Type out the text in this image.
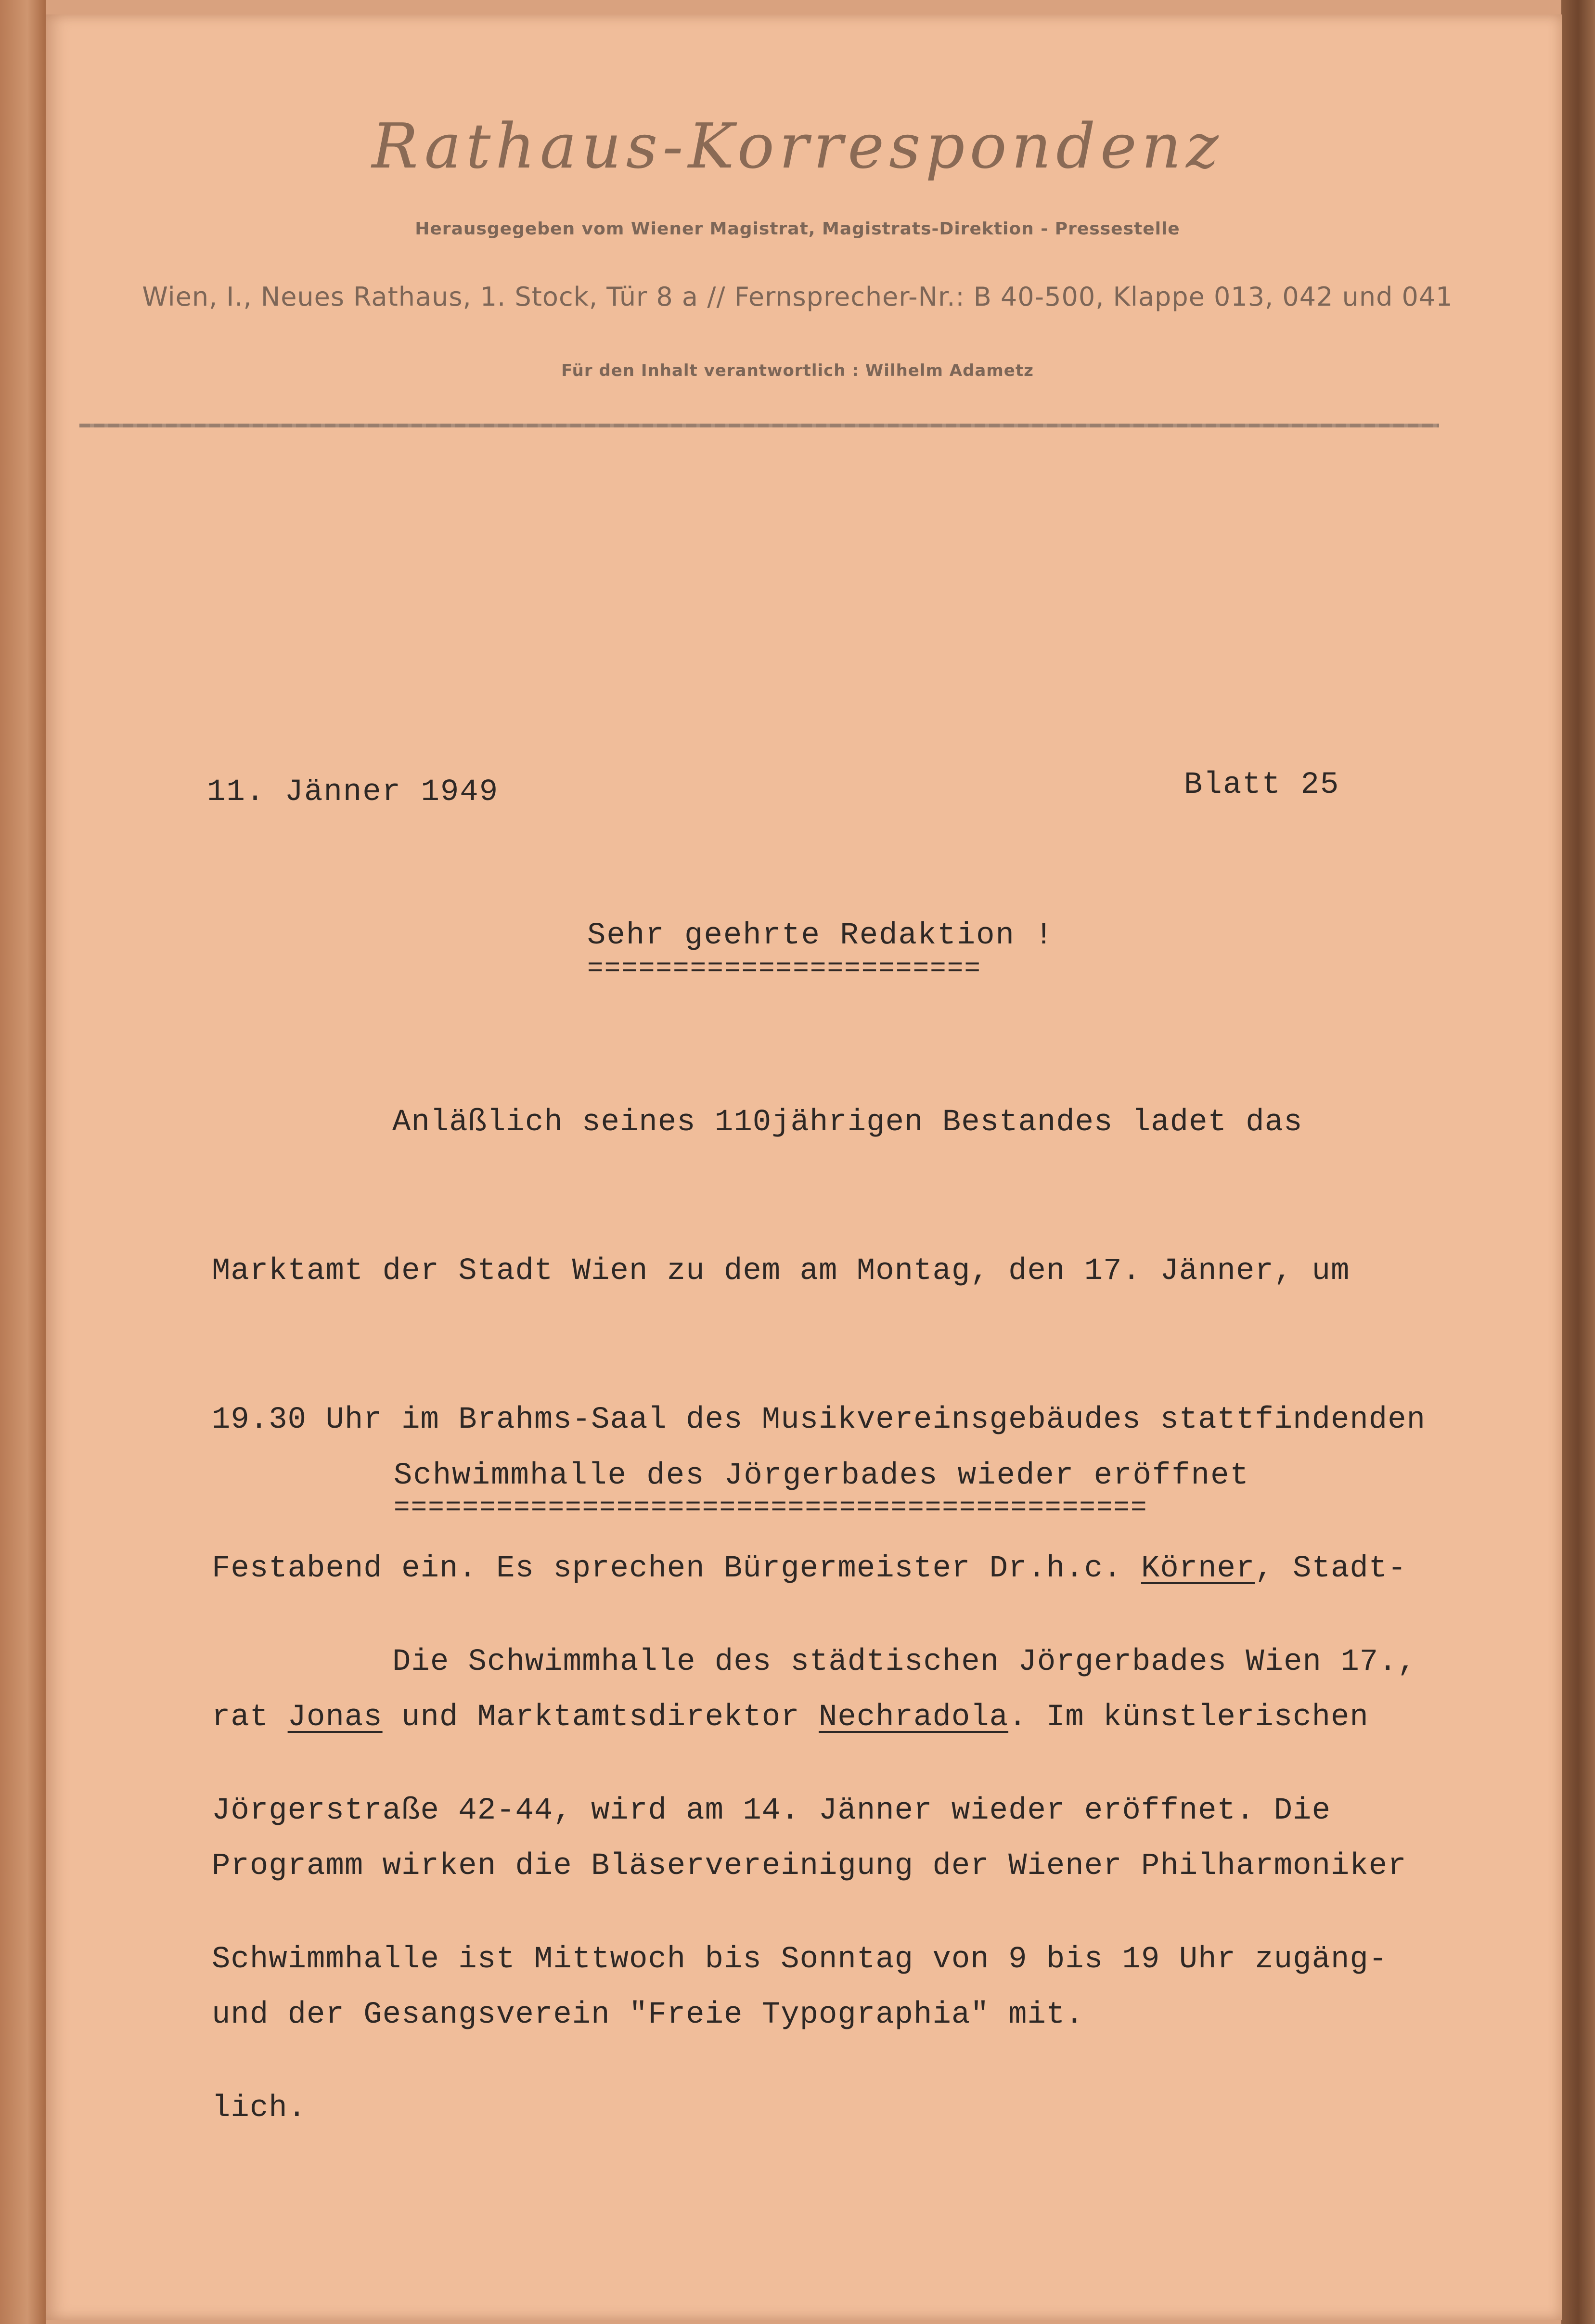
Rathaus-Korrespondenz
Herausgegeben vom Wiener Magistrat, Magistrats-Direktion - Pressestelle
Wien, I., Neues Rathaus, 1. Stock, Tür 8 a // Fernsprecher-Nr.: B 40-500, Klappe 013, 042 und 041
Für den Inhalt verantwortlich : Wilhelm Adametz
11. Jänner 1949	Blatt 25
Sehr geehrte Redaktion !
=======================

Anläßlich seines 110jährigen Bestandes ladet das

Marktamt der Stadt Wien zu dem am Montag, den 17. Jänner, um

19.30 Uhr im Brahms-Saal des Musikvereinsgebäudes stattfindenden

Festabend ein. Es sprechen Bürgermeister Dr.h.c. Körner, Stadt-

rat Jonas und Marktamtsdirektor Nechradola. Im künstlerischen

Programm wirken die Bläservereinigung der Wiener Philharmoniker

und der Gesangsverein "Freie Typographia" mit.

Schwimmhalle des Jörgerbades wieder eröffnet
============================================

Die Schwimmhalle des städtischen Jörgerbades Wien 17.,

Jörgerstraße 42-44, wird am 14. Jänner wieder eröffnet. Die

Schwimmhalle ist Mittwoch bis Sonntag von 9 bis 19 Uhr zugäng-

lich.
